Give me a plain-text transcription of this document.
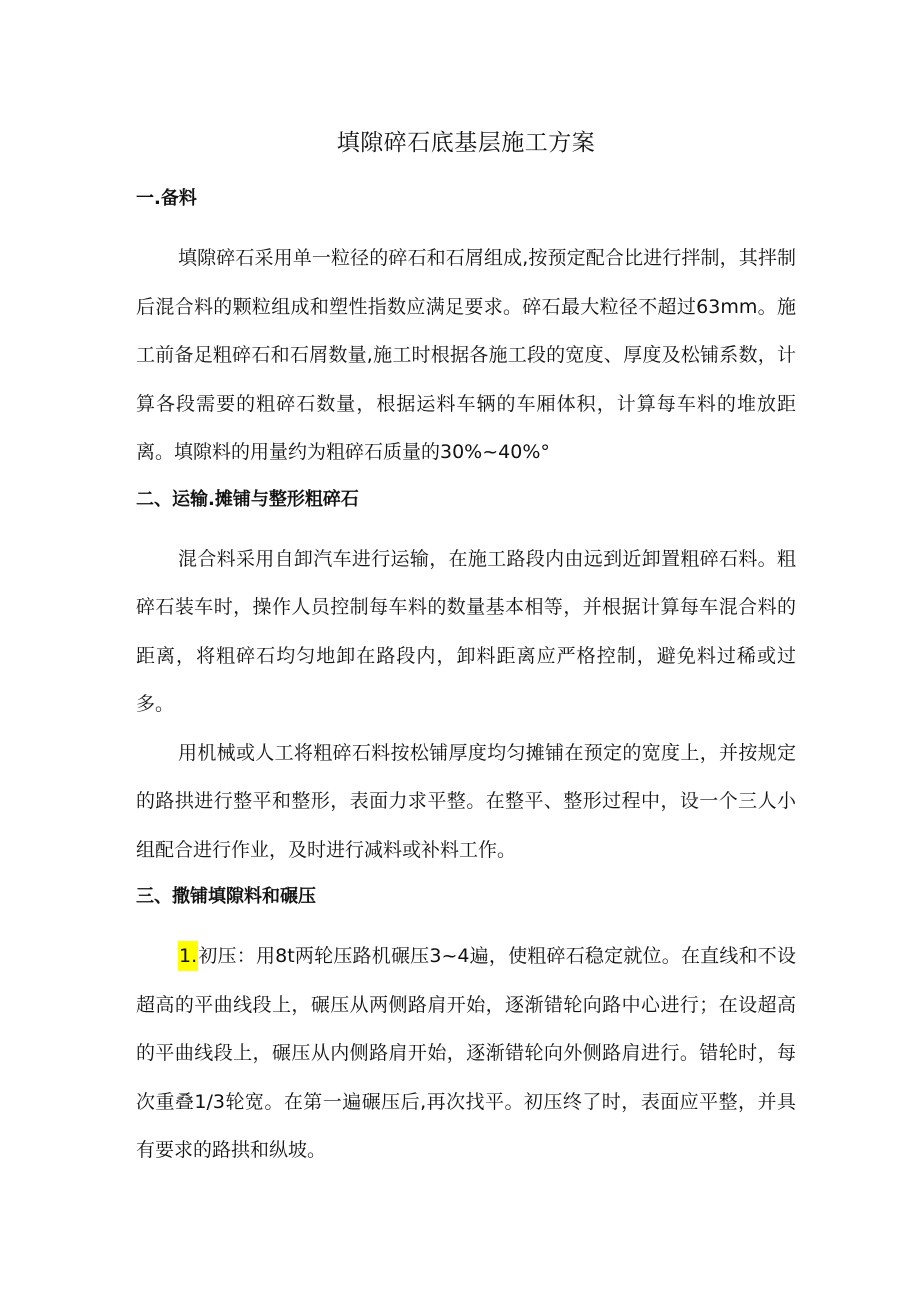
填隙碎石底基层施工方案
一.备料
填隙碎石采用单一粒径的碎石和石屑组成,按预定配合比进行拌制，其拌制后混合料的颗粒组成和塑性指数应满足要求。碎石最大粒径不超过63mm。施工前备足粗碎石和石屑数量,施工时根据各施工段的宽度、厚度及松铺系数，计算各段需要的粗碎石数量，根据运料车辆的车厢体积，计算每车料的堆放距离。填隙料的用量约为粗碎石质量的30%~40%°
二、运输.摊铺与整形粗碎石
混合料采用自卸汽车进行运输，在施工路段内由远到近卸置粗碎石料。粗碎石装车时，操作人员控制每车料的数量基本相等，并根据计算每车混合料的距离，将粗碎石均匀地卸在路段内，卸料距离应严格控制，避免料过稀或过多。
用机械或人工将粗碎石料按松铺厚度均匀摊铺在预定的宽度上，并按规定的路拱进行整平和整形，表面力求平整。在整平、整形过程中，设一个三人小组配合进行作业，及时进行减料或补料工作。
三、撒铺填隙料和碾压
1.初压：用8t两轮压路机碾压3~4遍，使粗碎石稳定就位。在直线和不设超高的平曲线段上，碾压从两侧路肩开始，逐渐错轮向路中心进行；在设超高的平曲线段上，碾压从内侧路肩开始，逐渐错轮向外侧路肩进行。错轮时，每次重叠1/3轮宽。在第一遍碾压后,再次找平。初压终了时，表面应平整，并具有要求的路拱和纵坡。
